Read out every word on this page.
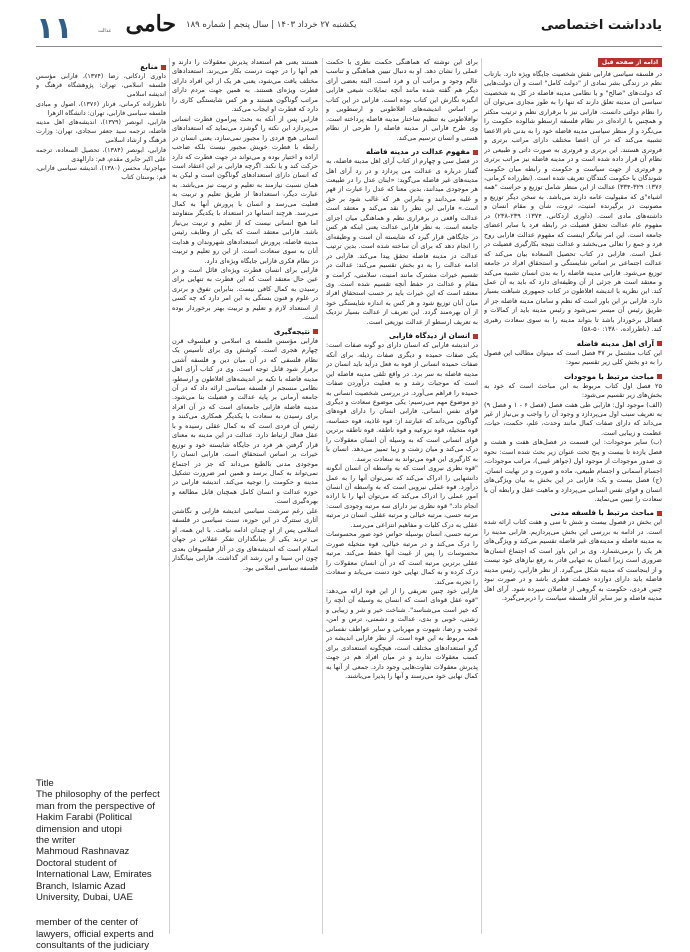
۱۱ حامی
عدالت
یکشنبه ۲۷ خرداد ۱۴۰۳ | سال پنجم | شماره ۱۸۹	یادداشت اختصاصی
ادامه از صفحه قبل

در فلسفه سیاسی فارابی نقش شخصیت جایگاه ویژه دارد. بازتاب نظم در زندگی بشر نمادی از "دولت کامل" است و آن دولت‌هایی که دولت‌های "صالح" و یا نظامی مدینه فاضله در کل به شخصیت سیاسی آن مدینه تعلق دارند که تنها را به طور مجازی می‌توان آن را نظام دولتی دانست. فارابی نیز با برقراری نظم و ترتیب متکثر و همچنین با اراده‌ای در نظام فلسفه ارسطو شالوده حکومت را می‌نگرد و از منظر سیاسی مدینه فاضله خود را به بدنی تام الاعضا تشبیه می‌کند که در آن اعضا مختلف دارای مراتب برتری و فروتری هستند. این برتری و فروتری به صورت ذاتی و طبیعی در نظام آن قرار داده شده است و در مدینه فاضله نیز مراتب برتری و فروتری از جهت سیاست و حکومت و رابطه میان حکومت شوندگان با حکومت کنندگان تعریف شده است. (نظرزاده کرمانی، ۱۳۷۶: ۳۲۹-۳۳۴) عدالت از این منظر شامل توزیع و حراست "همه اشیاء"ی که مقبولیت عامه دارند می‌باشد. به سخن دیگر توزیع و مصونیت در برگیرنده امنیت، ثروت، شأن و مقام انسان و داشته‌های مادی است. (داوری اردکانی، ۱۳۷۴: ۲۳۹-۲۳۸) در مفهوم عام عدالت تحقق فضیلت در رابطه فرد با سایر اعضای جامعه است. این امر بیانگر اینست که مفهوم عدالت فارابی روح فرد و جمع را تعالی می‌بخشد و عدالت نتیجه بکارگیری فضیلت در عمل است. فارابی در کتاب تحصیل السعاده بیان می‌کند که عدالت اجتماعی بر اساس شایستگی و استحقاق افراد در جامعه توزیع می‌شود. فارابی مدینه فاضله را به بدن انسان تشبیه می‌کند و معتقد است هر جزئی از آن وظیفه‌ای دارد که باید به آن عمل کند. این نظریه با اندیشه افلاطون در کتاب جمهوری شباهت بسیار دارد. فارابی بر این باور است که نظم و سامان مدینه فاضله جز از طریق رئیس آن میسر نمی‌شود و رئیس مدینه باید از کمالات و فضائل برخوردار باشد تا بتواند مدینه را به سوی سعادت رهبری کند. (ناظرزاده، ۱۳۸۰: ۵۰-۵۸)

آرای اهل مدینه فاضله

این کتاب مشتمل بر ۳۷ فصل است که میتوان مطالب این فصول را به دو بخش کلی زیر تقسیم نمود:

مباحث مرتبط با موجودات

۲۵ فصل اول کتاب مربوط به این مباحث است که خود به بخش‌های زیر تقسیم می‌شود:

(الف) موجود اول: فارابی طی هفت فصل (فصل ۶ - ۱ و فصل ۹) به تعریف سبب اول می‌پردازد و وجود آن را واجب و بی‌نیاز از غیر می‌داند که دارای صفات کمال مانند وحدت، علم، حکمت، حیات، عظمت و زیبایی است.

(ب) سایر موجودات: این قسمت در فصل‌های هفت و هشت و فصل یازده تا بیست و پنج تحت عنوان زیر بحث شده است: نحوه ی صدور موجودات از موجود اول (جواهر غیبی)، مراتب موجودات، اجسام آسمانی و اجسام طبیعی، ماده و صورت و در نهایت انسان.

(ج) فصل بیست و یک: فارابی در این بخش به بیان ویژگی‌های انسان و قوای نفس انسانی می‌پردازد و ماهیت عقل و رابطه آن با سعادت را تبیین می‌نماید.

مباحث مرتبط با فلسفه مدنی

این بخش در فصول بیست و شش تا سی و هفت کتاب ارائه شده است. در ادامه به بررسی این بخش می‌پردازیم. فارابی مدینه را به مدینه فاضله و مدینه‌های غیر فاضله تقسیم می‌کند و ویژگی‌های هر یک را برمی‌شمارد. وی بر این باور است که اجتماع انسان‌ها ضروری است زیرا انسان به تنهایی قادر به رفع نیازهای خود نیست و از اینجاست که مدینه شکل می‌گیرد. از نظر فارابی، رئیس مدینه فاضله باید دارای دوازده خصلت فطری باشد و در صورت نبود چنین فردی، حکومت به گروهی از فاضلان سپرده شود. آرای اهل مدینه فاضله و نیز سایر آثار فلسفه سیاست را دربرمی‌گیرد.

برای این نوشته که هماهنگی حکمت نظری با حکمت عملی را نشان دهد. او به دنبال تبیین هماهنگی و تناسب عالم وجود و مراتب آن و فرد است. البته بعضی آرای دیگر هم گفته شده مانند آنچه تمایلات شیعی فارابی انگیزه نگارش این کتاب بوده است. فارابی در این کتاب بر اساس اندیشه‌های افلاطونی و ارسطویی و نوافلاطونی به تنظیم ساختار مدینه فاضله پرداخته است. وی طرح فارابی از مدینه فاضله را طرحی از نظام هستی و انسان ترسیم می‌کند.

مفهوم عدالت در مدینه فاضله

در فصل سی و چهارم از کتاب آرای اهل مدینه فاضله، به گفتار درباره ی عدالت می پردازد و در رد آرای اهل مدینه‌های غیر فاضله می‌گوید: «اینان عدل را در طبیعت هر موجودی میدانند، بدین معنا که عدل را عبارت از قهر و غلبه می‌دانند و بنابراین هر که غالب شود بر حق است.» فارابی این نظر را نقد می‌کند و معتقد است عدالت واقعی در برقراری نظم و هماهنگی میان اجزای جامعه است. به نظر فارابی عدالت یعنی اینکه هر کس در جایگاهی قرار گیرد که شایسته آن است و وظیفه‌ای را انجام دهد که برای آن ساخته شده است. بدین ترتیب عدالت در مدینه فاضله تحقق پیدا می‌کند. فارابی در ادامه عدالت را به دو بخش تقسیم می‌کند: عدالت در تقسیم خیرات مشترک مانند امنیت، سلامتی، کرامت و مقام و عدالت در حفظ آنچه تقسیم شده است. وی معتقد است که این خیرات باید بر حسب استحقاق افراد میان آنان توزیع شود و هر کس به اندازه شایستگی خود از آن بهره‌مند گردد. این تعریف از عدالت بسیار نزدیک به تعریف ارسطو از عدالت توزیعی است.

انسان از دیدگاه فارابی

در اندیشه فارابی که انسان دارای دو گونه صفات است: یکی صفات حمیده و دیگری صفات رذیله. برای آنکه صفات حمیده انسانی از قوه به فعل درآید باید انسان در مدینه فاضله به سر برد. در واقع تلقی مدینه فاضله این است که موجبات رشد و به فعلیت درآوردن صفات حمیده را فراهم می‌آورد. در بررسی شخصیت انسانی به دو موضوع مهم می‌رسیم: یکی موضوع سعادت و دیگری قوای نفس انسانی. فارابی انسان را دارای قوه‌های گوناگون می‌داند که عبارتند از: قوه غاذیه، قوه حساسه، قوه متخیله، قوه نزوعیه و قوه ناطقه. قوه ناطقه برترین قوای انسانی است که به وسیله آن انسان معقولات را درک می‌کند و میان زشت و زیبا تمییز می‌دهد. انسان با به کارگیری این قوه می‌تواند به سعادت برسد.

"قوه نظری نیروی است که به واسطه آن انسان آنگونه دانشهایی را ادراک می‌کند که نمی‌توان آنها را به عمل درآورد. قوه عملی نیرویی است که به واسطه آن انسان امور عملی را ادراک می‌کند که می‌توان آنها را با اراده انجام داد." قوه نظری نیز دارای سه مرتبه وجودی است: مرتبه حسی، مرتبه خیالی و مرتبه عقلی. انسان در مرتبه عقلی به درک کلیات و مفاهیم انتزاعی می‌رسد.

مرتبه حسی، انسان بوسیله حواس خود صور محسوسات را درک می‌کند و در مرتبه خیالی، قوه متخیله صورت محسوسات را پس از غیبت آنها حفظ می‌کند. مرتبه عقلی برترین مرتبه است که در آن انسان معقولات را درک کرده و به کمال نهایی خود دست می‌یابد و سعادت را تجربه می‌کند.

فارابی خود چنین تعریفی را از این قوه ارائه می‌دهد: "قوه عقل قوه‌ای است که انسان به وسیله آن آنچه را که خیر است می‌شناسد". شناخت خیر و شر و زیبایی و زشتی، خوبی و بدی، عدالت و دشمنی، ترس و امن، عجب و رضا، شهوت و مهربانی و سایر عواطف نفسانی همه مربوط به این قوه است. از نظر فارابی اندیشه در گرو استعدادهای مختلف است، هیچگونه استعدادی برای کسب معقولات ندارند و در میان افراد هم در جهت پذیرش معقولات تفاوت‌هایی وجود دارد. جمعی از آنها به کمال نهایی خود می‌رسند و آنها را پذیرا می‌باشند.

هستند یعنی هم استعداد پذیرش معقولات را دارند و هم آنها را در جهت درست بکار می‌برند. استعدادهای مختلف یافت می‌شود، یعنی هر یک از این افراد دارای فطرت ویژه‌ای هستند. به همین جهت مردم دارای مراتب گوناگون هستند و هر کس شایستگی کاری را دارد که فطرت او ایجاب می‌کند.

فارابی پس از آنکه به بحث پیرامون فطرت انسانی می‌پردازد این نکته را گوشزد می‌نماید که استعدادهای انسانی هیچ فردی را مجبور نمی‌سازد، یعنی انسان در رابطه با فطرت خویش مجبور نیست بلکه صاحب اراده و اختیار بوده و می‌تواند در جهت فطرت که دارد حرکت کند و یا نکند. اگرچه فارابی بر این اعتقاد است که انسان دارای استعدادهای گوناگون است و لیکن به همان نسبت نیازمند به تعلیم و تربیت نیز می‌باشد. به عبارت دیگر، استعدادها از طریق تعلیم و تربیت به فعلیت می‌رسد و انسان با پرورش آنها به کمال می‌رسد. هرچند انسانها در استعداد با یکدیگر متفاوتند اما هیچ انسانی نیست که از تعلیم و تربیت بی‌نیاز باشد. فارابی معتقد است که یکی از وظایف رئیس مدینه فاضله، پرورش استعدادهای شهروندان و هدایت آنان به سوی سعادت است. از این رو تعلیم و تربیت در نظام فکری فارابی جایگاه ویژه‌ای دارد.

فارابی برای انسان فطرت ویژه‌ای قائل است و در عین حال معتقد است که این فطرت به تنهایی برای رسیدن به کمال کافی نیست. بنابراین تفوق و برتری در علوم و فنون بستگی به این امر دارد که چه کسی از استعداد لازم و تعلیم و تربیت بهتر برخوردار بوده است.

نتیجه‌گیری

فارابی مؤسس فلسفه ی اسلامی و فیلسوف قرن چهارم هجری است. کوشش وی برای تأسیس یک نظام فلسفی که در آن میان دین و فلسفه آشتی برقرار شود قابل توجه است. وی در کتاب آرای اهل مدینه فاضله با تکیه بر اندیشه‌های افلاطون و ارسطو، نظامی منسجم از فلسفه سیاسی ارائه داد که در آن جامعه آرمانی بر پایه عدالت و فضیلت بنا می‌شود. مدینه فاضله فارابی جامعه‌ای است که در آن افراد برای رسیدن به سعادت با یکدیگر همکاری می‌کنند و رئیس آن فردی است که به کمال عقلی رسیده و با عقل فعال ارتباط دارد. عدالت در این مدینه به معنای قرار گرفتن هر فرد در جایگاه شایسته خود و توزیع خیرات بر اساس استحقاق است. فارابی انسان را موجودی مدنی بالطبع می‌داند که جز در اجتماع نمی‌تواند به کمال برسد و همین امر ضرورت تشکیل مدینه و حکومت را توجیه می‌کند. اندیشه فارابی در حوزه عدالت و انسان کامل همچنان قابل مطالعه و بهره‌گیری است.

علی رغم سرشت سیاسی اندیشه فارابی و نگاشتن آثاری ستترگ در این حوزه، سنت سیاسی در فلسفه اسلامی پس از او چندان ادامه نیافت. با این همه، او بی تردید یکی از بنیانگذاران تفکر عقلانی در جهان اسلام است که اندیشه‌های وی در آثار فیلسوفان بعدی چون ابن سینا و ابن رشد اثر گذاشت. فارابی بنیانگذار فلسفه سیاسی اسلامی بود.

منابع

داوری اردکانی، رضا (۱۳۷۴)، فارابی مؤسس فلسفه اسلامی، تهران: پژوهشگاه فرهنگ و اندیشه اسلامی

ناظرزاده کرمانی، فرناز (۱۳۷۶)، اصول و مبادی فلسفه سیاسی فارابی، تهران: دانشگاه الزهرا

فارابی، ابونصر (۱۳۷۹)، اندیشه‌های اهل مدینه فاضله، ترجمه سید جعفر سجادی، تهران: وزارت فرهنگ و ارشاد اسلامی

فارابی، ابونصر (۱۳۸۴)، تحصیل السعاده، ترجمه علی اکبر جابری مقدم، قم: دارالهدی

مهاجرنیا، محسن (۱۳۸۰)، اندیشه سیاسی فارابی، قم: بوستان کتاب

Title

The philosophy of the perfect man from the perspective of Hakim Farabi (Political dimension and utopi

the writer

Mahmoud Rashnavaz

Doctoral student of International Law, Emirates Branch, Islamic Azad University, Dubai, UAE

member of the center of lawyers, official experts and consultants of the judiciary
